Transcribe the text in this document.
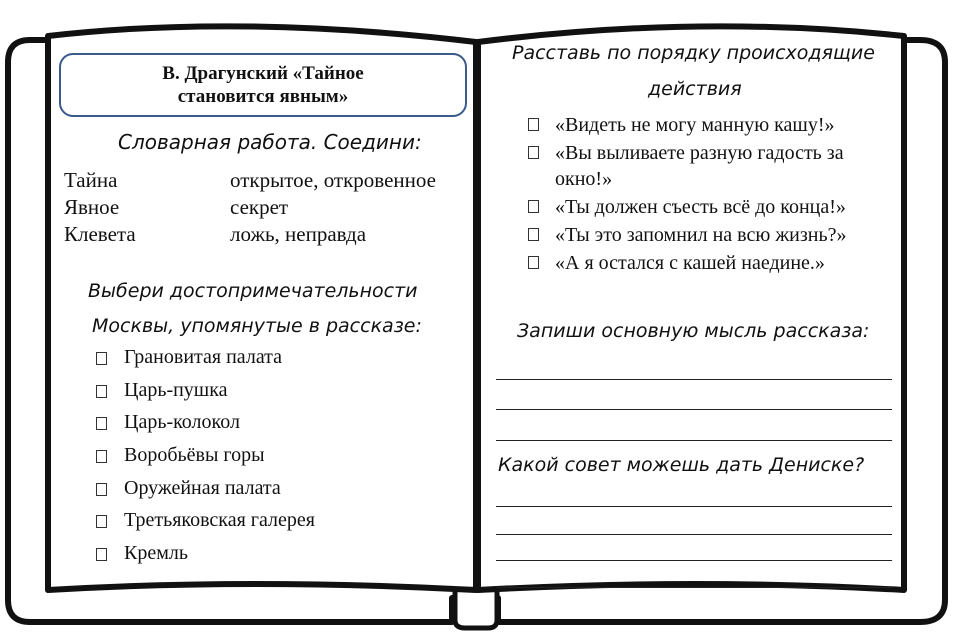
В. Драгунский «Тайное становится явным»
Словарная работа. Соедини:
Тайна	открытое, откровенное
Явное	секрет
Клевета	ложь, неправда
Выбери достопримечательности
Москвы, упомянутые в рассказе:
Грановитая палата
Царь-пушка
Царь-колокол
Воробьёвы горы
Оружейная палата
Третьяковская галерея
Кремль
Расставь по порядку происходящие
действия
«Видеть не могу манную кашу!»
«Вы выливаете разную гадость за
окно!»
«Ты должен съесть всё до конца!»
«Ты это запомнил на всю жизнь?»
«А я остался с кашей наедине.»
Запиши основную мысль рассказа:
Какой совет можешь дать Дениске?
